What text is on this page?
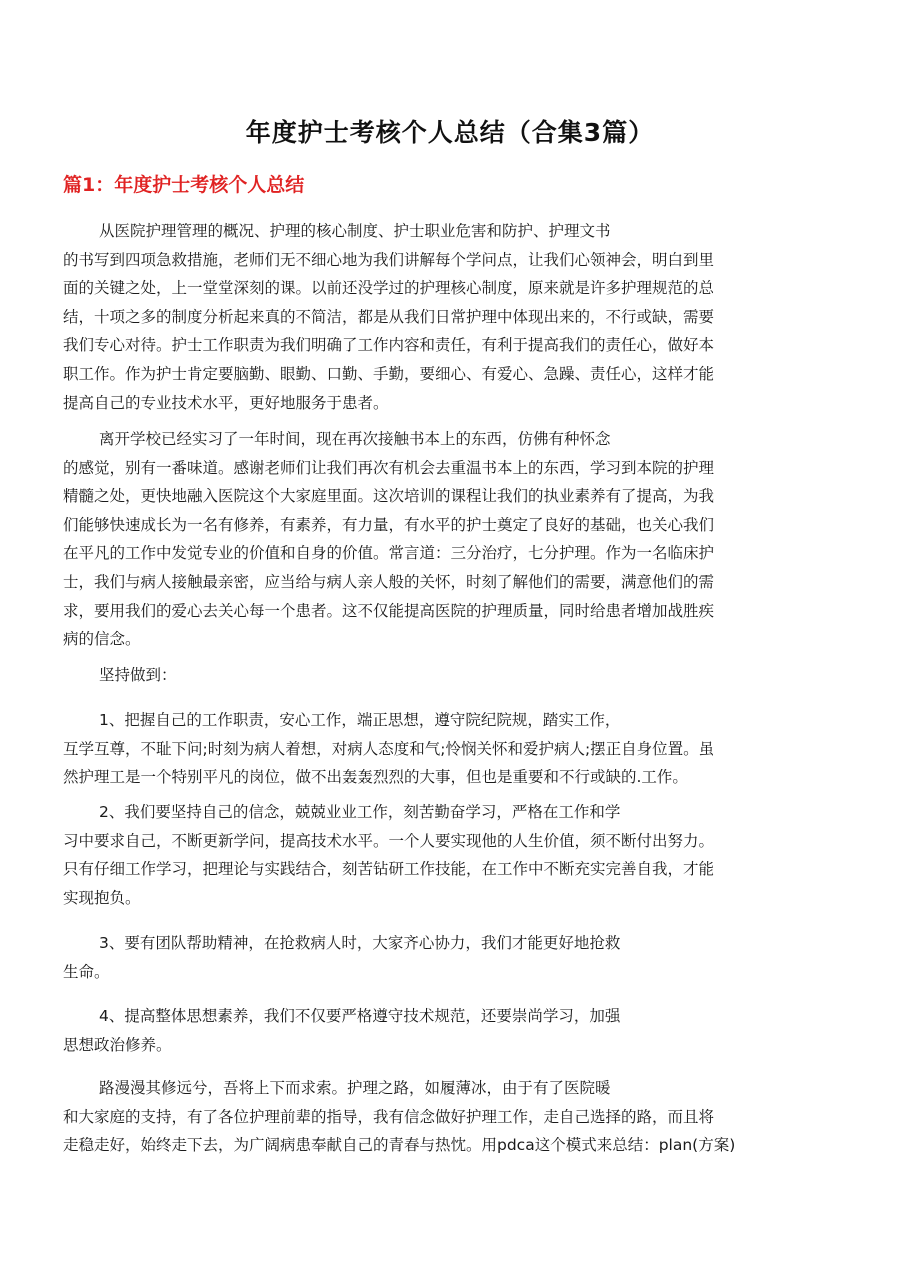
年度护士考核个人总结（合集3篇）
篇1：年度护士考核个人总结

从医院护理管理的概况、护理的核心制度、护士职业危害和防护、护理文书
的书写到四项急救措施，老师们无不细心地为我们讲解每个学问点，让我们心领神会，明白到里
面的关键之处，上一堂堂深刻的课。以前还没学过的护理核心制度，原来就是许多护理规范的总
结，十项之多的制度分析起来真的不简洁，都是从我们日常护理中体现出来的，不行或缺，需要
我们专心对待。护士工作职责为我们明确了工作内容和责任，有利于提高我们的责任心，做好本
职工作。作为护士肯定要脑勤、眼勤、口勤、手勤，要细心、有爱心、急躁、责任心，这样才能
提高自己的专业技术水平，更好地服务于患者。

离开学校已经实习了一年时间，现在再次接触书本上的东西，仿佛有种怀念
的感觉，别有一番味道。感谢老师们让我们再次有机会去重温书本上的东西，学习到本院的护理
精髓之处，更快地融入医院这个大家庭里面。这次培训的课程让我们的执业素养有了提高，为我
们能够快速成长为一名有修养，有素养，有力量，有水平的护士奠定了良好的基础，也关心我们
在平凡的工作中发觉专业的价值和自身的价值。常言道：三分治疗，七分护理。作为一名临床护
士，我们与病人接触最亲密，应当给与病人亲人般的关怀，时刻了解他们的需要，满意他们的需
求，要用我们的爱心去关心每一个患者。这不仅能提高医院的护理质量，同时给患者增加战胜疾
病的信念。

坚持做到：

1、把握自己的工作职责，安心工作，端正思想，遵守院纪院规，踏实工作，
互学互尊，不耻下问;时刻为病人着想，对病人态度和气;怜悯关怀和爱护病人;摆正自身位置。虽
然护理工是一个特别平凡的岗位，做不出轰轰烈烈的大事，但也是重要和不行或缺的.工作。

2、我们要坚持自己的信念，兢兢业业工作，刻苦勤奋学习，严格在工作和学
习中要求自己，不断更新学问，提高技术水平。一个人要实现他的人生价值，须不断付出努力。
只有仔细工作学习，把理论与实践结合，刻苦钻研工作技能，在工作中不断充实完善自我，才能
实现抱负。

3、要有团队帮助精神，在抢救病人时，大家齐心协力，我们才能更好地抢救
生命。

4、提高整体思想素养，我们不仅要严格遵守技术规范，还要崇尚学习，加强
思想政治修养。

路漫漫其修远兮，吾将上下而求索。护理之路，如履薄冰，由于有了医院暖
和大家庭的支持，有了各位护理前辈的指导，我有信念做好护理工作，走自己选择的路，而且将
走稳走好，始终走下去，为广阔病患奉献自己的青春与热忱。用pdca这个模式来总结：plan(方案)
